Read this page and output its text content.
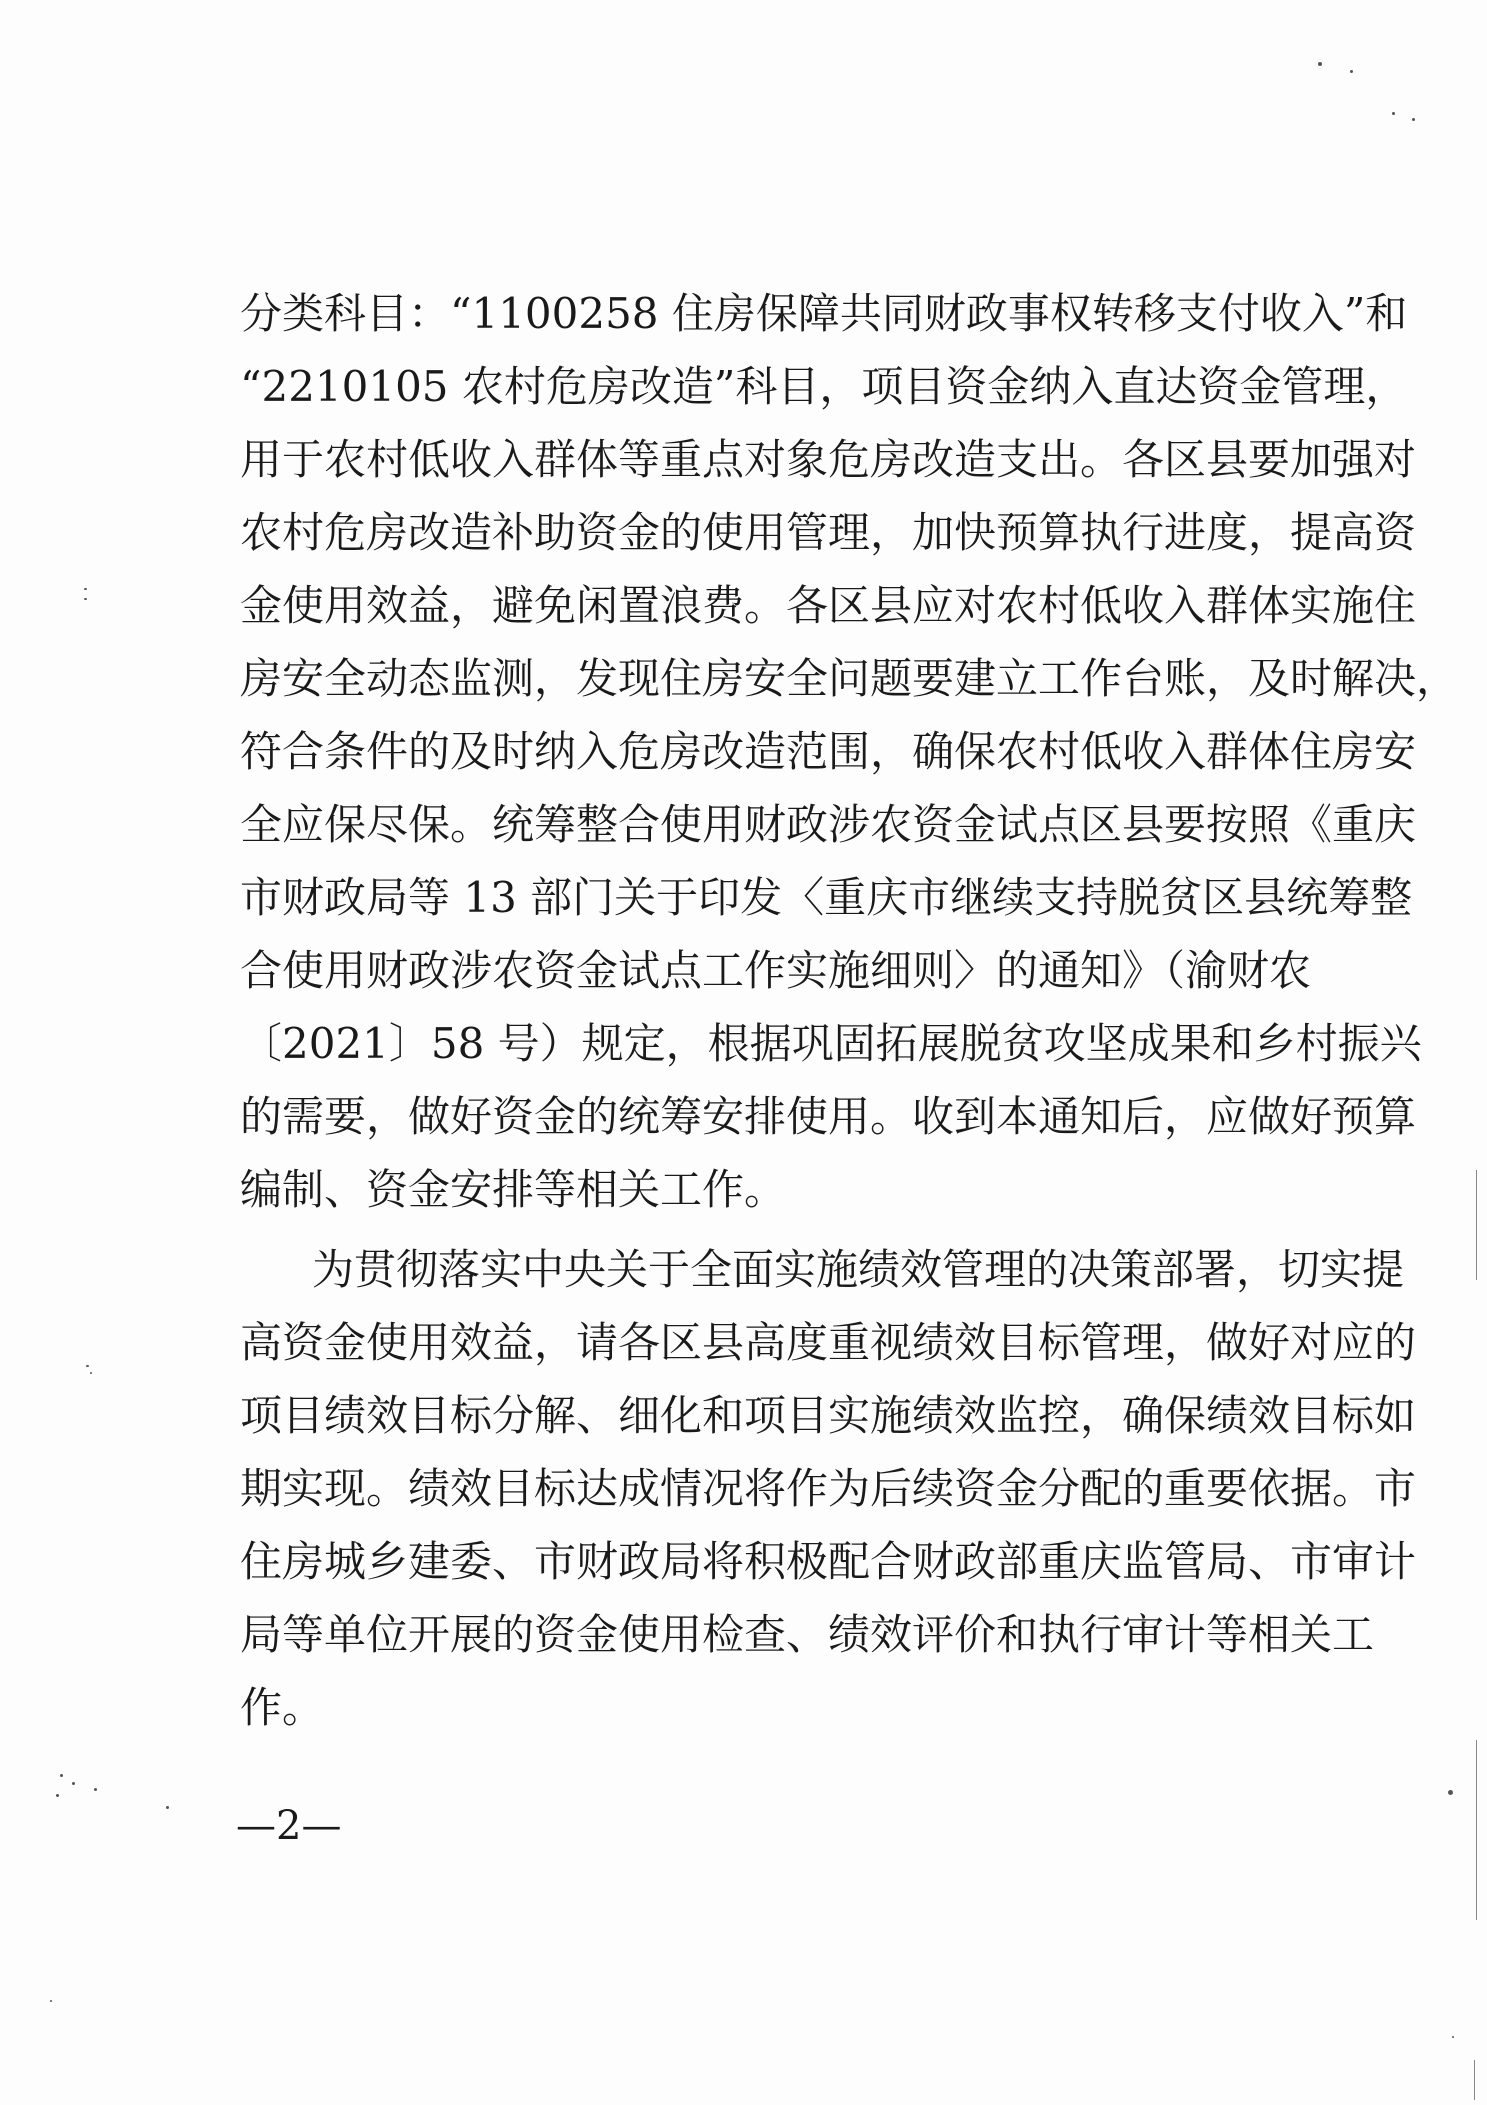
分类科目：“1100258 住房保障共同财政事权转移支付收入”和
“2210105 农村危房改造”科目，项目资金纳入直达资金管理，
用于农村低收入群体等重点对象危房改造支出。各区县要加强对
农村危房改造补助资金的使用管理，加快预算执行进度，提高资
金使用效益，避免闲置浪费。各区县应对农村低收入群体实施住
房安全动态监测，发现住房安全问题要建立工作台账，及时解决，
符合条件的及时纳入危房改造范围，确保农村低收入群体住房安
全应保尽保。统筹整合使用财政涉农资金试点区县要按照《重庆
市财政局等 13 部门关于印发〈重庆市继续支持脱贫区县统筹整
合使用财政涉农资金试点工作实施细则〉的通知》（渝财农
〔2021〕58 号）规定，根据巩固拓展脱贫攻坚成果和乡村振兴
的需要，做好资金的统筹安排使用。收到本通知后，应做好预算
编制、资金安排等相关工作。
为贯彻落实中央关于全面实施绩效管理的决策部署，切实提
高资金使用效益，请各区县高度重视绩效目标管理，做好对应的
项目绩效目标分解、细化和项目实施绩效监控，确保绩效目标如
期实现。绩效目标达成情况将作为后续资金分配的重要依据。市
住房城乡建委、市财政局将积极配合财政部重庆监管局、市审计
局等单位开展的资金使用检查、绩效评价和执行审计等相关工
作。
—2—
